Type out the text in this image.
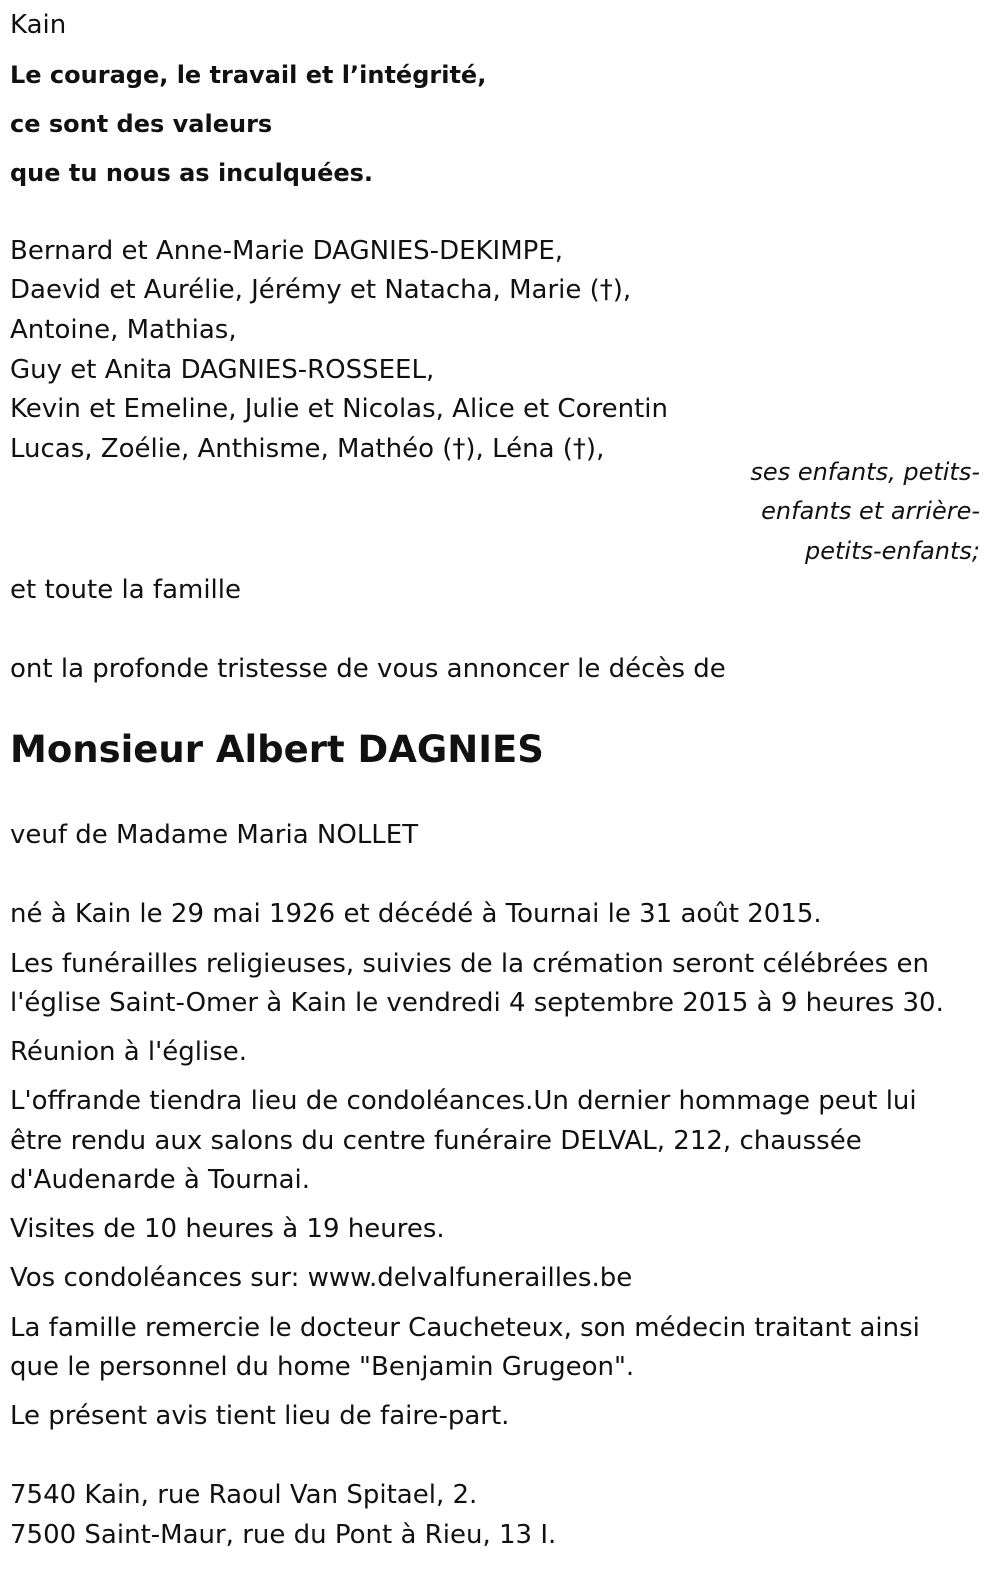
Kain
Le courage, le travail et l’intégrité,
ce sont des valeurs
que tu nous as inculquées.
Bernard et Anne-Marie DAGNIES-DEKIMPE,
Daevid et Aurélie, Jérémy et Natacha, Marie (†),
Antoine, Mathias,
Guy et Anita DAGNIES-ROSSEEL,
Kevin et Emeline, Julie et Nicolas, Alice et Corentin
Lucas, Zoélie, Anthisme, Mathéo (†), Léna (†),
ses enfants, petits-
enfants et arrière-
petits-enfants;
et toute la famille
ont la profonde tristesse de vous annoncer le décès de
Monsieur Albert DAGNIES
veuf de Madame Maria NOLLET
né à Kain le 29 mai 1926 et décédé à Tournai le 31 août 2015.
Les funérailles religieuses, suivies de la crémation seront célébrées en
l'église Saint-Omer à Kain le vendredi 4 septembre 2015 à 9 heures 30.
Réunion à l'église.
L'offrande tiendra lieu de condoléances.Un dernier hommage peut lui
être rendu aux salons du centre funéraire DELVAL, 212, chaussée
d'Audenarde à Tournai.
Visites de 10 heures à 19 heures.
Vos condoléances sur: www.delvalfunerailles.be
La famille remercie le docteur Caucheteux, son médecin traitant ainsi
que le personnel du home "Benjamin Grugeon".
Le présent avis tient lieu de faire-part.
7540 Kain, rue Raoul Van Spitael, 2.
7500 Saint-Maur, rue du Pont à Rieu, 13 I.
